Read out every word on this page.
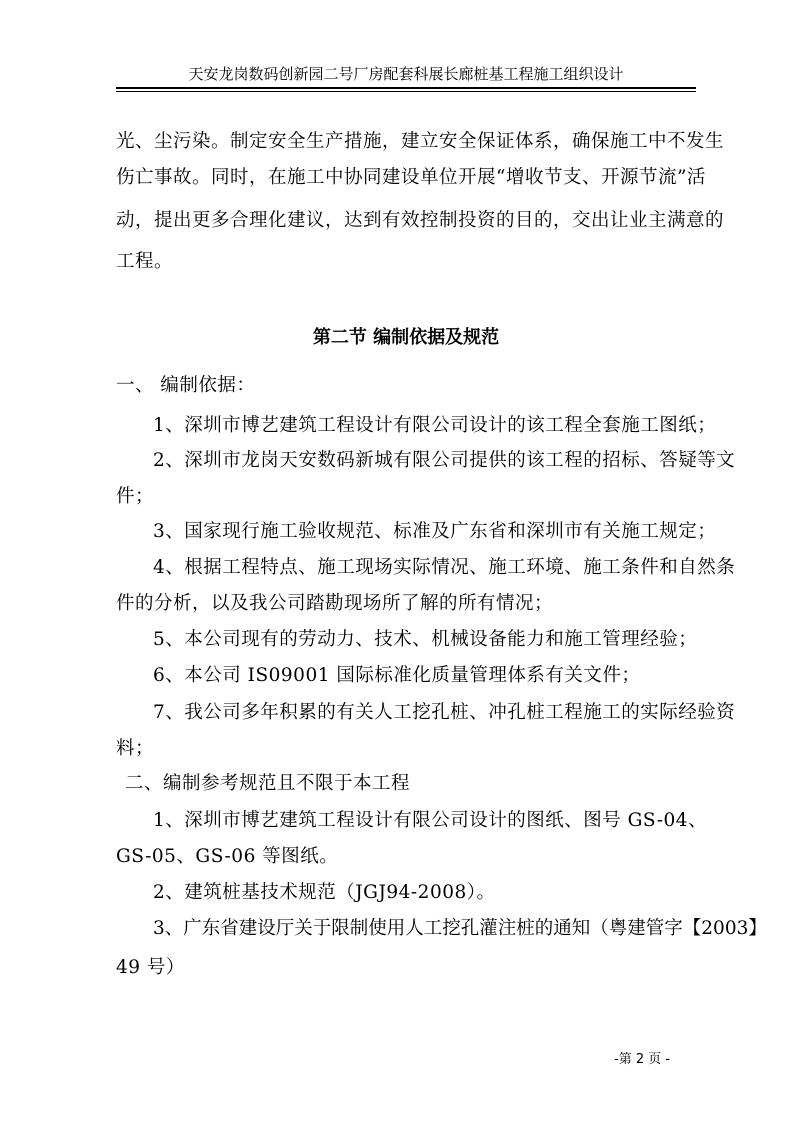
天安龙岗数码创新园二号厂房配套科展长廊桩基工程施工组织设计
光、尘污染。制定安全生产措施，建立安全保证体系，确保施工中不发生
伤亡事故。同时，在施工中协同建设单位开展“增收节支、开源节流”活
动，提出更多合理化建议，达到有效控制投资的目的，交出让业主满意的
工程。
第二节 编制依据及规范
一、 编制依据：
1、深圳市博艺建筑工程设计有限公司设计的该工程全套施工图纸；
2、深圳市龙岗天安数码新城有限公司提供的该工程的招标、答疑等文
件；
3、国家现行施工验收规范、标准及广东省和深圳市有关施工规定；
4、根据工程特点、施工现场实际情况、施工环境、施工条件和自然条
件的分析，以及我公司踏勘现场所了解的所有情况；
5、本公司现有的劳动力、技术、机械设备能力和施工管理经验；
6、本公司 IS09001 国际标准化质量管理体系有关文件；
7、我公司多年积累的有关人工挖孔桩、冲孔桩工程施工的实际经验资
料；
二、编制参考规范且不限于本工程
1、深圳市博艺建筑工程设计有限公司设计的图纸、图号 GS-04、
GS-05、GS-06 等图纸。
2、建筑桩基技术规范（JGJ94-2008）。
3、广东省建设厅关于限制使用人工挖孔灌注桩的通知（粤建管字【2003】
49 号）
-第 2 页 -
